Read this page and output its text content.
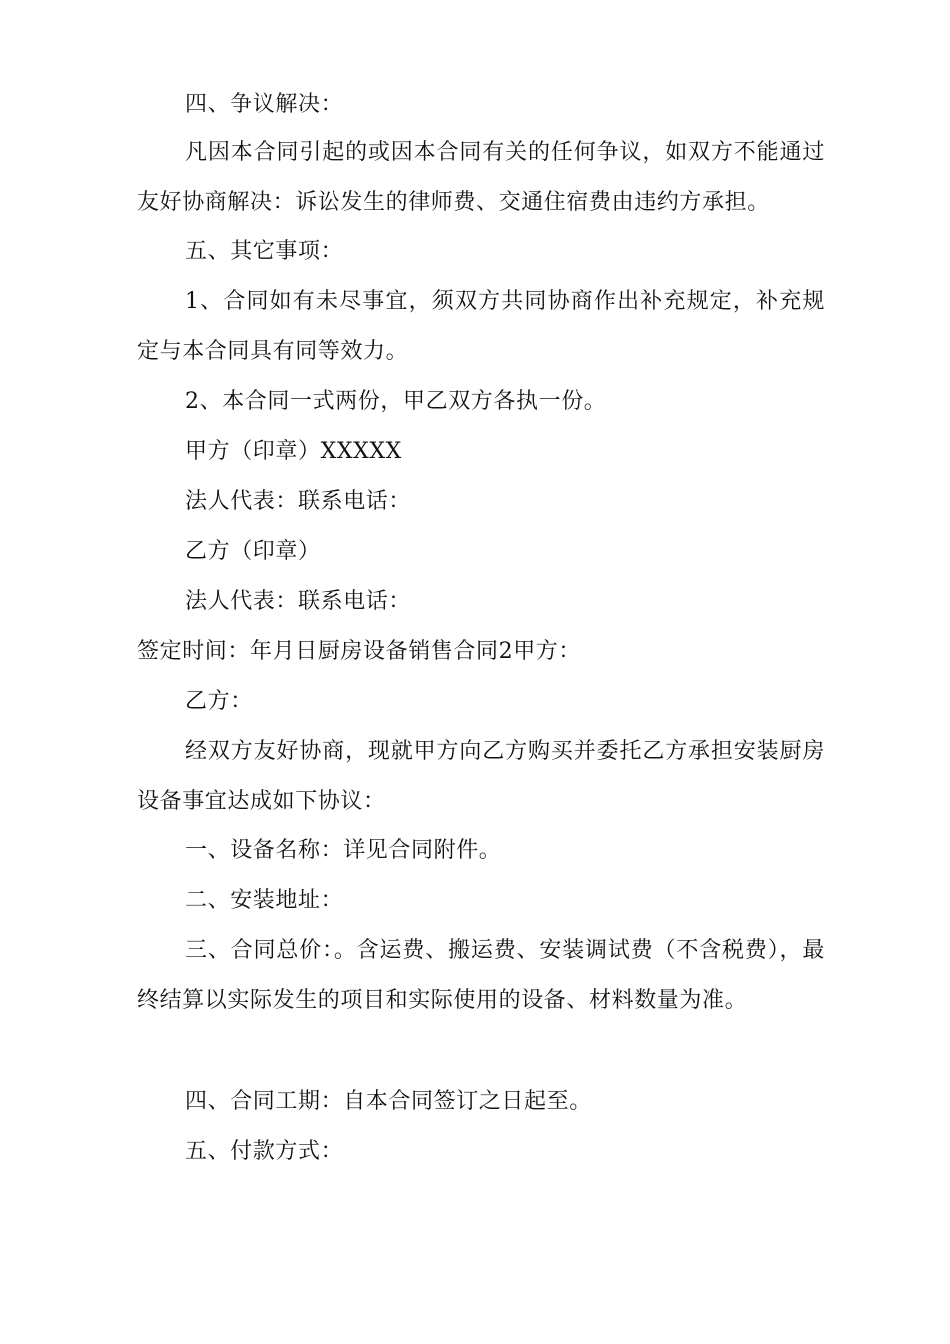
四、争议解决：
凡因本合同引起的或因本合同有关的任何争议，如双方不能通过友好协商解决：诉讼发生的律师费、交通住宿费由违约方承担。
五、其它事项：
1、合同如有未尽事宜，须双方共同协商作出补充规定，补充规定与本合同具有同等效力。
2、本合同一式两份，甲乙双方各执一份。
甲方（印章）XXXXX
法人代表：联系电话：
乙方（印章）
法人代表：联系电话：
签定时间：年月日厨房设备销售合同2甲方：
乙方：
经双方友好协商，现就甲方向乙方购买并委托乙方承担安装厨房设备事宜达成如下协议：
一、设备名称：详见合同附件。
二、安装地址：
三、合同总价：。含运费、搬运费、安装调试费（不含税费），最终结算以实际发生的项目和实际使用的设备、材料数量为准。
四、合同工期：自本合同签订之日起至。
五、付款方式：
